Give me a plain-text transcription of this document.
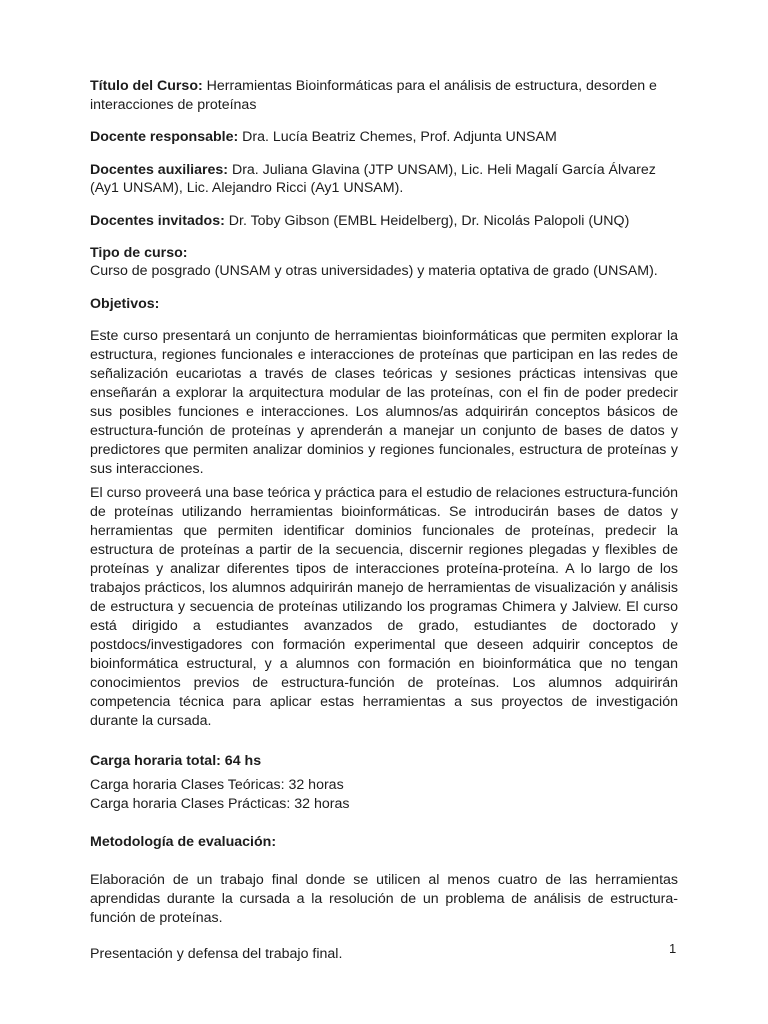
Título del Curso: Herramientas Bioinformáticas para el análisis de estructura, desorden e interacciones de proteínas

Docente responsable: Dra. Lucía Beatriz Chemes, Prof. Adjunta UNSAM

Docentes auxiliares: Dra. Juliana Glavina (JTP UNSAM), Lic. Heli Magalí García Álvarez (Ay1 UNSAM), Lic. Alejandro Ricci (Ay1 UNSAM).

Docentes invitados: Dr. Toby Gibson (EMBL Heidelberg), Dr. Nicolás Palopoli (UNQ)

Tipo de curso:

Curso de posgrado (UNSAM y otras universidades) y materia optativa de grado (UNSAM).

Objetivos:

Este curso presentará un conjunto de herramientas bioinformáticas que permiten explorar la estructura, regiones funcionales e interacciones de proteínas que participan en las redes de señalización eucariotas a través de clases teóricas y sesiones prácticas intensivas que enseñarán a explorar la arquitectura modular de las proteínas, con el fin de poder predecir sus posibles funciones e interacciones. Los alumnos/as adquirirán conceptos básicos de estructura-función de proteínas y aprenderán a manejar un conjunto de bases de datos y predictores que permiten analizar dominios y regiones funcionales, estructura de proteínas y sus interacciones.

El curso proveerá una base teórica y práctica para el estudio de relaciones estructura-función de proteínas utilizando herramientas bioinformáticas. Se introducirán bases de datos y herramientas que permiten identificar dominios funcionales de proteínas, predecir la estructura de proteínas a partir de la secuencia, discernir regiones plegadas y flexibles de proteínas y analizar diferentes tipos de interacciones proteína-proteína. A lo largo de los trabajos prácticos, los alumnos adquirirán manejo de herramientas de visualización y análisis de estructura y secuencia de proteínas utilizando los programas Chimera y Jalview. El curso está dirigido a estudiantes avanzados de grado, estudiantes de doctorado y postdocs/investigadores con formación experimental que deseen adquirir conceptos de bioinformática estructural, y a alumnos con formación en bioinformática que no tengan conocimientos previos de estructura-función de proteínas. Los alumnos adquirirán competencia técnica para aplicar estas herramientas a sus proyectos de investigación durante la cursada.

Carga horaria total: 64 hs

Carga horaria Clases Teóricas: 32 horas

Carga horaria Clases Prácticas: 32 horas

Metodología de evaluación:

Elaboración de un trabajo final donde se utilicen al menos cuatro de las herramientas aprendidas durante la cursada a la resolución de un problema de análisis de estructura-función de proteínas.

Presentación y defensa del trabajo final.	1
